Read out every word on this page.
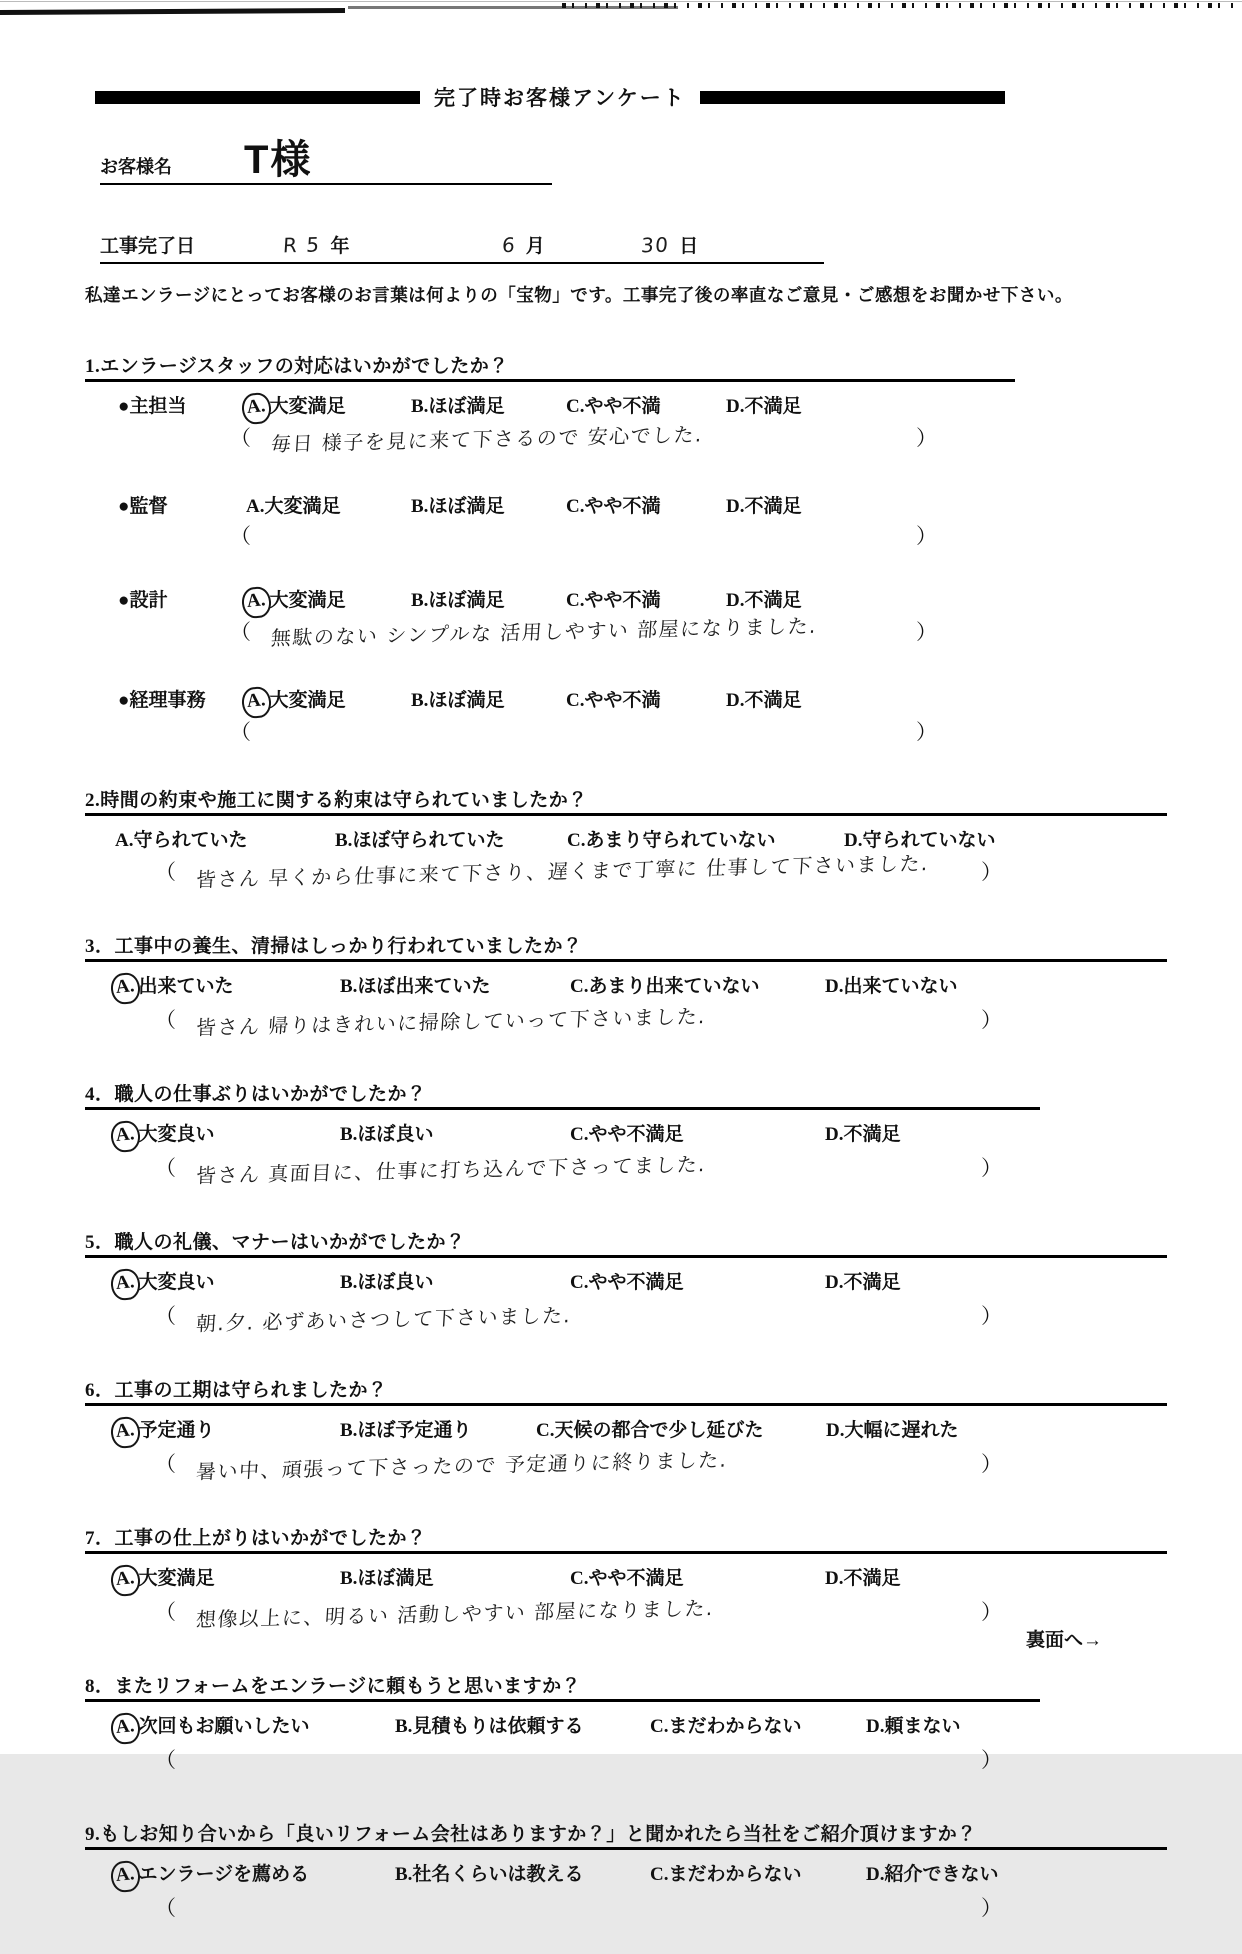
完了時お客様アンケート
お客様名 T様
工事完了日	R 5 年	6 月	30 日

私達エンラージにとってお客様のお言葉は何よりの「宝物」です。工事完了後の率直なご意見・ご感想をお聞かせ下さい。

1.エンラージスタッフの対応はいかがでしたか？
●主担当	A. 大変満足	B.ほぼ満足	C.やや不満	D.不満足
（ 毎日 様子を見に来て下さるので 安心でした.	）
●監督	A.大変満足	B.ほぼ満足	C.やや不満	D.不満足
（	）
●設計	A. 大変満足	B.ほぼ満足	C.やや不満	D.不満足
（ 無駄のない シンプルな 活用しやすい 部屋になりました.	）
●経理事務	A. 大変満足	B.ほぼ満足	C.やや不満	D.不満足
（	）
2.時間の約束や施工に関する約束は守られていましたか？
A.守られていた	B.ほぼ守られていた	C.あまり守られていない	D.守られていない
（ 皆さん 早くから仕事に来て下さり、遅くまで丁寧に 仕事して下さいました.	）
3．工事中の養生、清掃はしっかり行われていましたか？
A. 出来ていた	B.ほぼ出来ていた	C.あまり出来ていない	D.出来ていない
（ 皆さん 帰りはきれいに掃除していって下さいました.	）
4．職人の仕事ぶりはいかがでしたか？
A. 大変良い	B.ほぼ良い	C.やや不満足	D.不満足
（ 皆さん 真面目に、仕事に打ち込んで下さってました.	）
5．職人の礼儀、マナーはいかがでしたか？
A. 大変良い	B.ほぼ良い	C.やや不満足	D.不満足
（ 朝.夕. 必ずあいさつして下さいました.	）
6．工事の工期は守られましたか？
A. 予定通り	B.ほぼ予定通り	C.天候の都合で少し延びた	D.大幅に遅れた
（ 暑い中、頑張って下さったので 予定通りに終りました.	）
7．工事の仕上がりはいかがでしたか？
A. 大変満足	B.ほぼ満足	C.やや不満足	D.不満足
（ 想像以上に、明るい 活動しやすい 部屋になりました.	）
8．またリフォームをエンラージに頼もうと思いますか？
A. 次回もお願いしたい	B.見積もりは依頼する	C.まだわからない	D.頼まない
（	）
9.もしお知り合いから「良いリフォーム会社はありますか？」と聞かれたら当社をご紹介頂けますか？
A. エンラージを薦める	B.社名くらいは教える	C.まだわからない	D.紹介できない
（	）
裏面へ→
